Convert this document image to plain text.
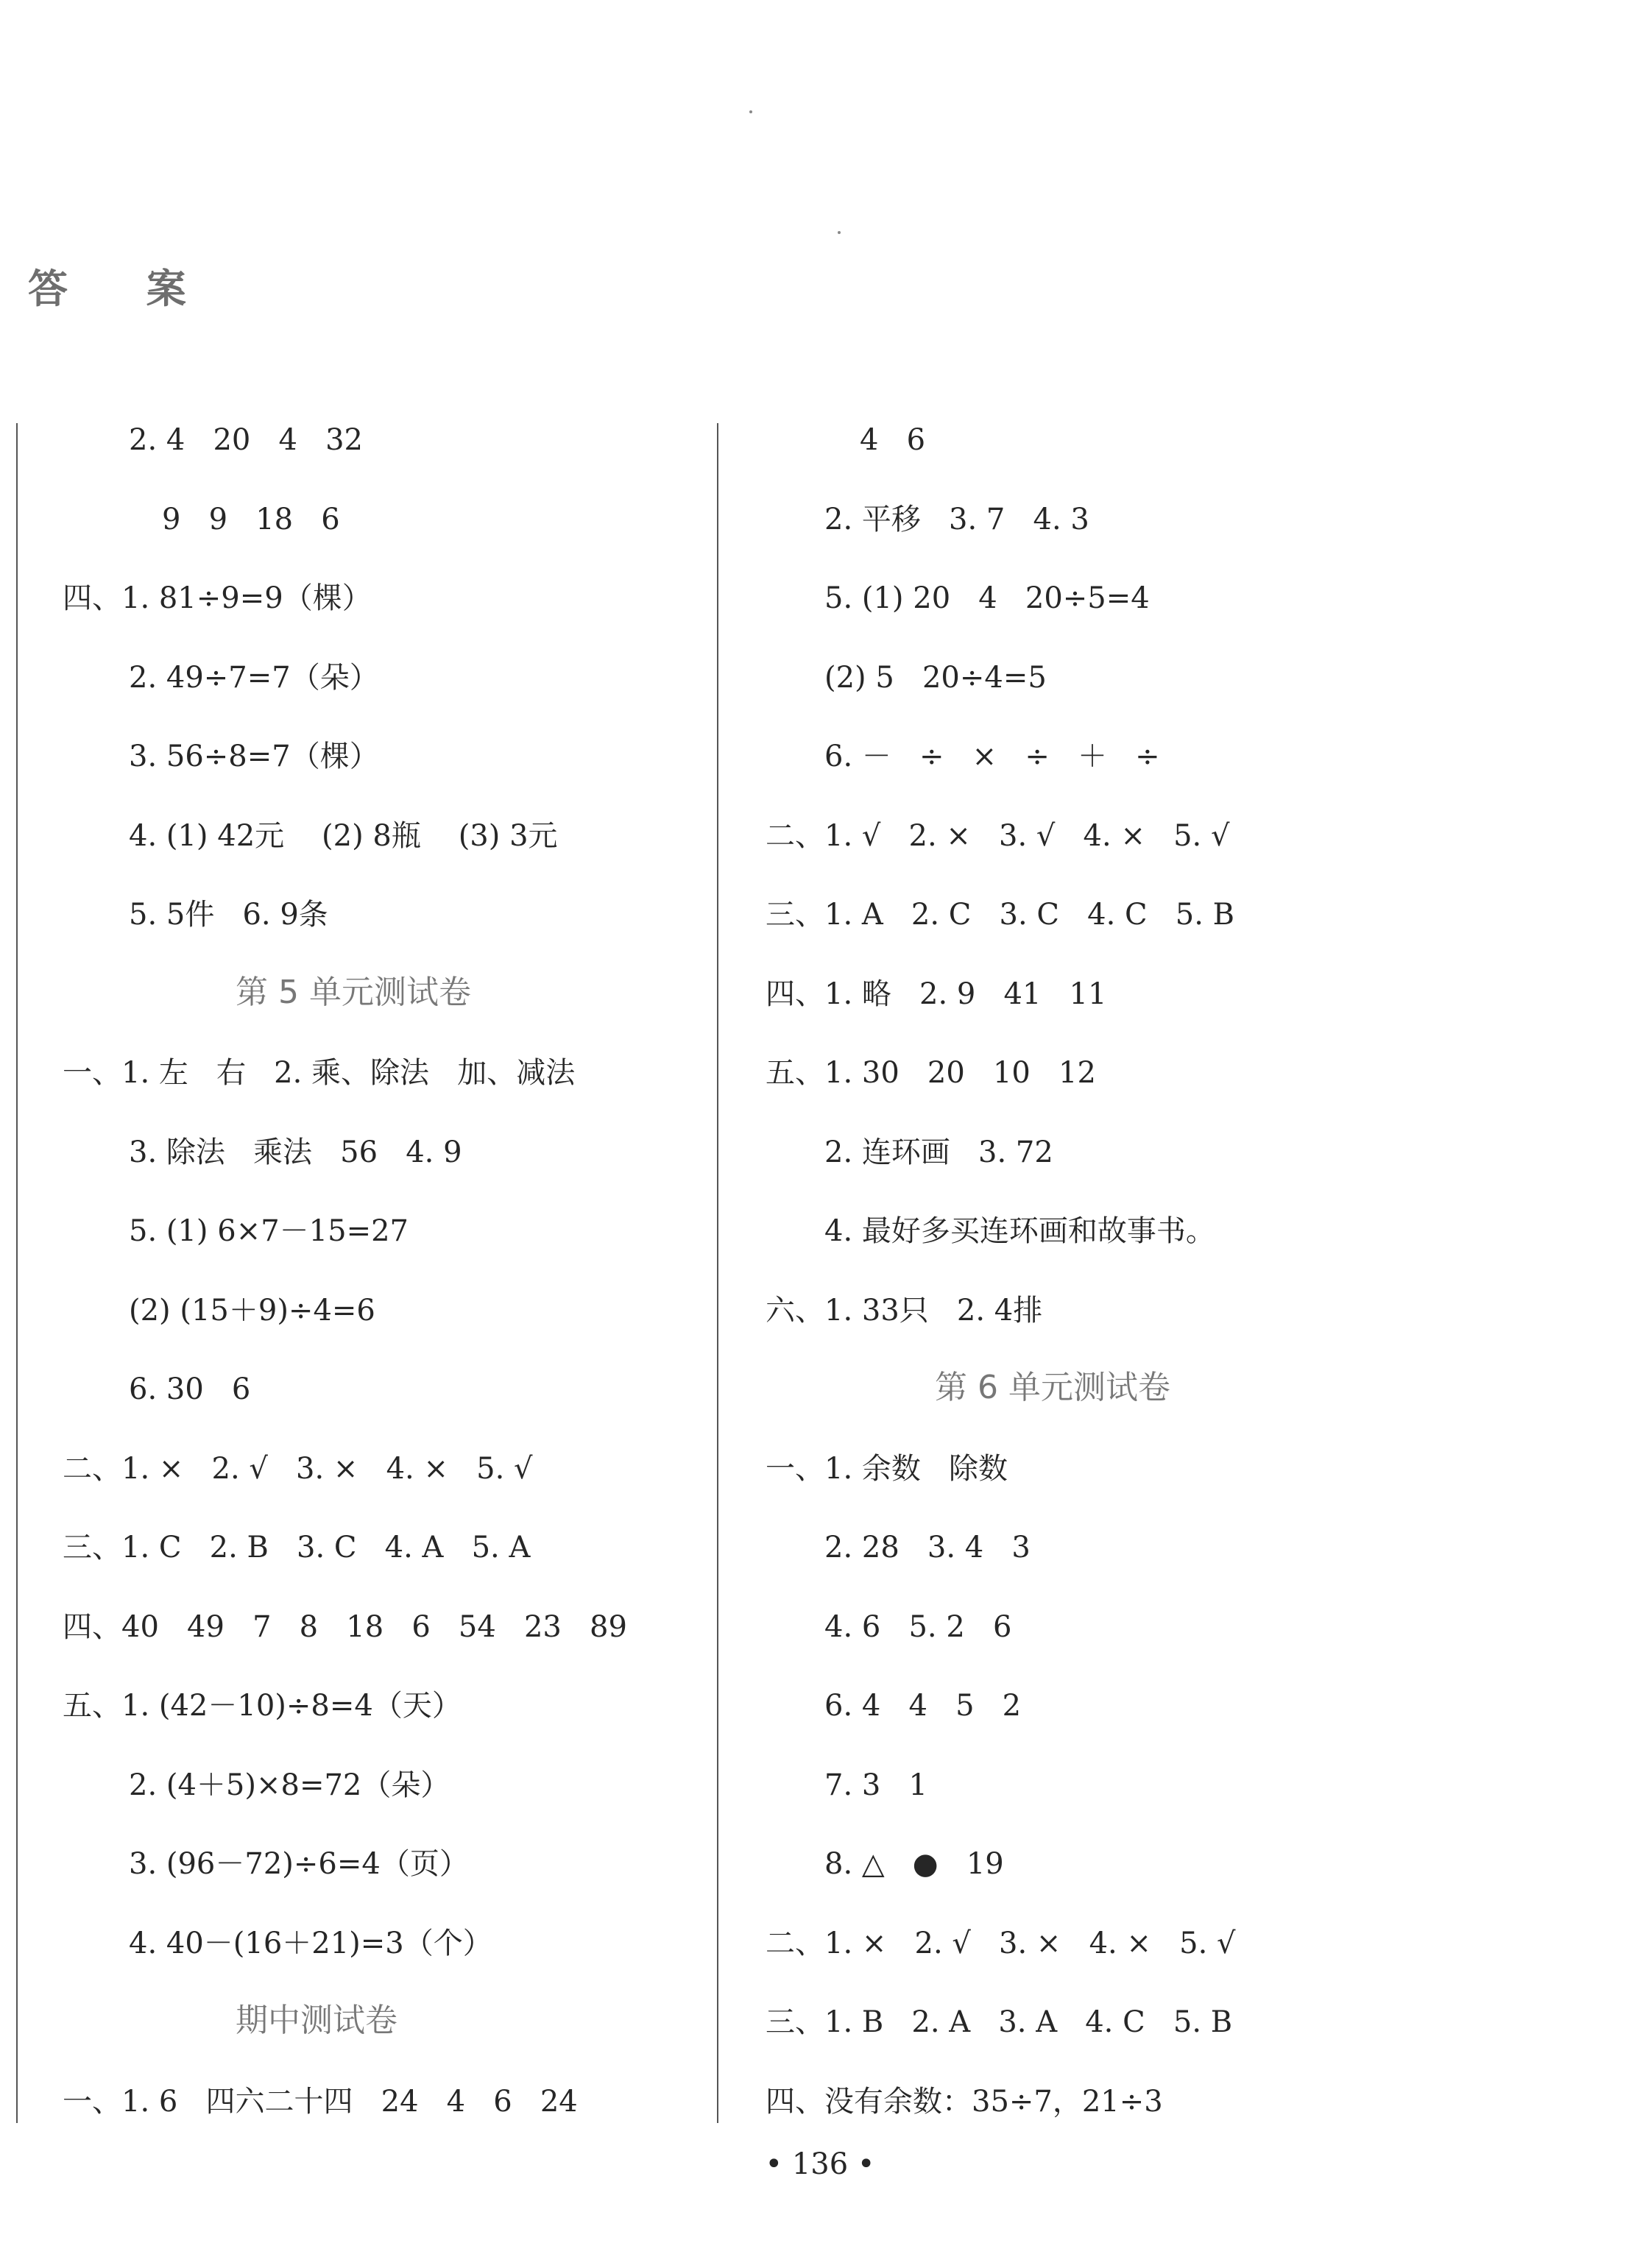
答 案
2. 4   20   4   32
9   9   18   6
四、1. 81÷9=9（棵）
2. 49÷7=7（朵）
3. 56÷8=7（棵）
4. (1) 42元    (2) 8瓶    (3) 3元
5. 5件   6. 9条
第 5 单元测试卷
一、1. 左   右   2. 乘、除法   加、减法
3. 除法   乘法   56   4. 9
5. (1) 6×7－15=27
(2) (15＋9)÷4=6
6. 30   6
二、1. ×   2. √   3. ×   4. ×   5. √
三、1. C   2. B   3. C   4. A   5. A
四、40   49   7   8   18   6   54   23   89
五、1. (42－10)÷8=4（天）
2. (4＋5)×8=72（朵）
3. (96－72)÷6=4（页）
4. 40－(16＋21)=3（个）
期中测试卷
一、1. 6   四六二十四   24   4   6   24
4   6
2. 平移   3. 7   4. 3
5. (1) 20   4   20÷5=4
(2) 5   20÷4=5
6. －   ÷   ×   ÷   ＋   ÷
二、1. √   2. ×   3. √   4. ×   5. √
三、1. A   2. C   3. C   4. C   5. B
四、1. 略   2. 9   41   11
五、1. 30   20   10   12
2. 连环画   3. 72
4. 最好多买连环画和故事书。
六、1. 33只   2. 4排
第 6 单元测试卷
一、1. 余数   除数
2. 28   3. 4   3
4. 6   5. 2   6
6. 4   4   5   2
7. 3   1
8. △   ●   19
二、1. ×   2. √   3. ×   4. ×   5. √
三、1. B   2. A   3. A   4. C   5. B
四、没有余数：35÷7，21÷3
• 136 •
